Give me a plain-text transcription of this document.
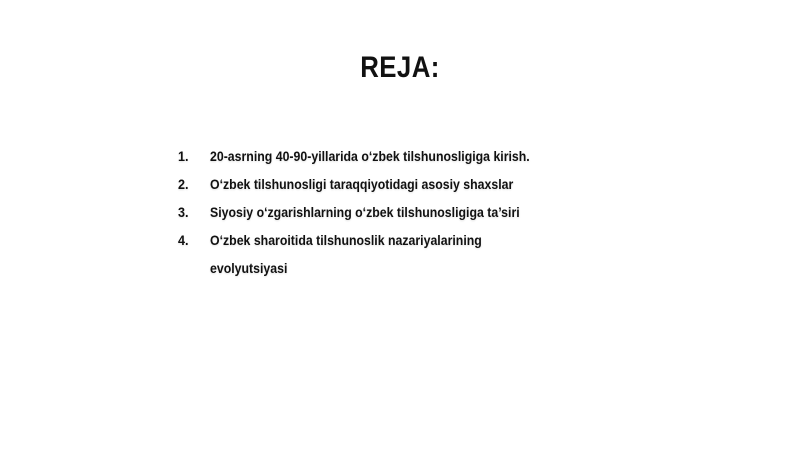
REJA:
1.	20-asrning 40-90-yillarida o‘zbek tilshunosligiga kirish.
2.	O‘zbek tilshunosligi taraqqiyotidagi asosiy shaxslar
3.	Siyosiy o‘zgarishlarning o‘zbek tilshunosligiga ta’siri
4.	O‘zbek sharoitida tilshunoslik nazariyalarining evolyutsiyasi
